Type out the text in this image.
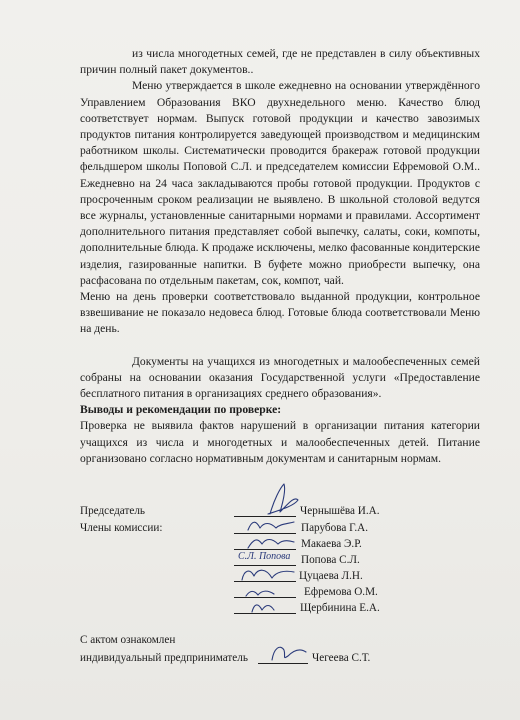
из числа многодетных семей, где не представлен в силу объективных причин полный пакет документов..

Меню утверждается в школе ежедневно на основании утверждённого Управлением Образования ВКО двухнедельного меню. Качество блюд соответствует нормам. Выпуск готовой продукции и качество завозимых продуктов питания контролируется заведующей производством и медицинским работником школы. Систематически проводится бракераж готовой продукции фельдшером школы Поповой С.Л. и председателем комиссии Ефремовой О.М.. Ежедневно на 24 часа закладываются пробы готовой продукции. Продуктов с просроченным сроком реализации не выявлено. В школьной столовой ведутся все журналы, установленные санитарными нормами и правилами. Ассортимент дополнительного питания представляет собой выпечку, салаты, соки, компоты, дополнительные блюда. К продаже исключены, мелко фасованные кондитерские изделия, газированные напитки. В буфете можно приобрести выпечку, она расфасована по отдельным пакетам, сок, компот, чай.

Меню на день проверки соответствовало выданной продукции, контрольное взвешивание не показало недовеса блюд. Готовые блюда соответствовали Меню на день.

Документы на учащихся из многодетных и малообеспеченных семей собраны на основании оказания Государственной услуги «Предоставление бесплатного питания в организациях среднего образования».

Выводы и рекомендации по проверке:

Проверка не выявила фактов нарушений в организации питания категории учащихся из числа и многодетных и малообеспеченных детей. Питание организовано согласно нормативным документам и санитарным нормам.

Председатель
Члены комиссии:
Чернышёва И.А.
Парубова Г.А.
Макаева Э.Р.
Попова С.Л.
Цуцаева Л.Н.
Ефремова О.М.
Щербинина Е.А.
С.Л. Попова
С актом ознакомлен
индивидуальный предприниматель	Чегеева С.Т.
